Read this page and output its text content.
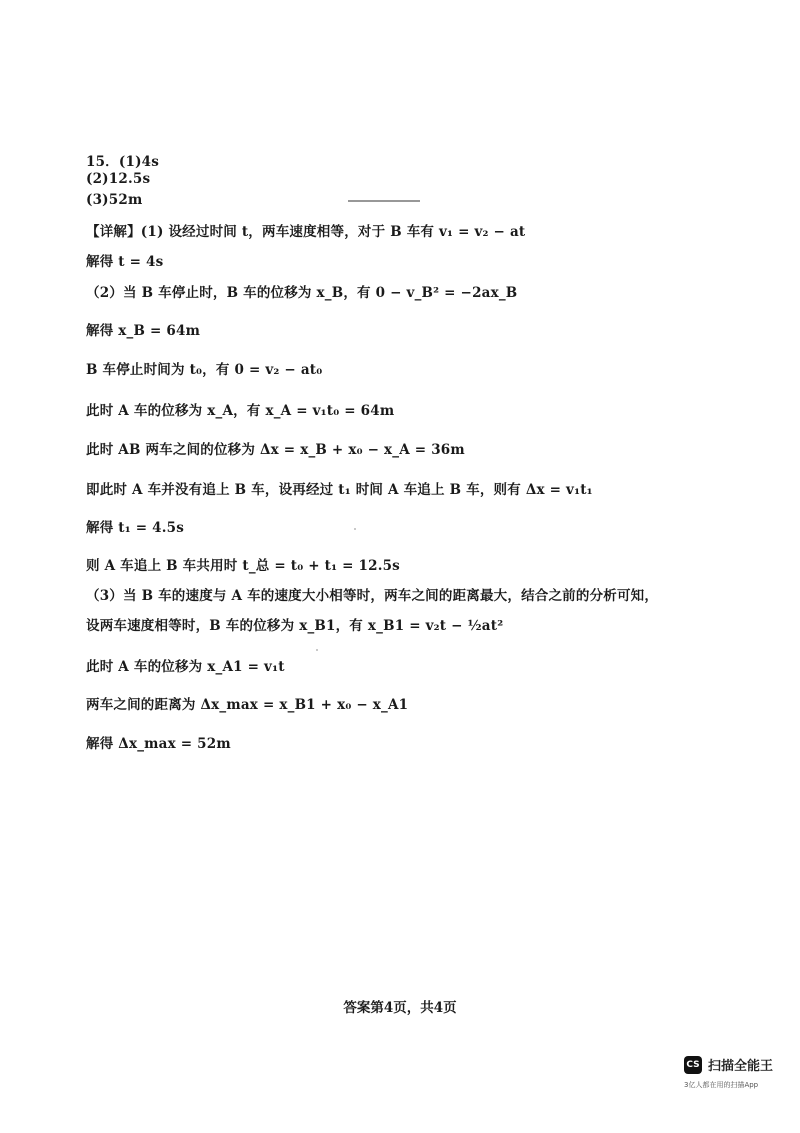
15．(1)4s
(2)12.5s
(3)52m
【详解】(1) 设经过时间 t，两车速度相等，对于 B 车有 v₁ = v₂ − at
解得 t = 4s
（2）当 B 车停止时，B 车的位移为 x_B，有 0 − v_B² = −2ax_B
解得 x_B = 64m
B 车停止时间为 t₀，有 0 = v₂ − at₀
此时 A 车的位移为 x_A，有 x_A = v₁t₀ = 64m
此时 AB 两车之间的位移为 Δx = x_B + x₀ − x_A = 36m
即此时 A 车并没有追上 B 车，设再经过 t₁ 时间 A 车追上 B 车，则有 Δx = v₁t₁
解得 t₁ = 4.5s
则 A 车追上 B 车共用时 t_总 = t₀ + t₁ = 12.5s
（3）当 B 车的速度与 A 车的速度大小相等时，两车之间的距离最大，结合之前的分析可知，
设两车速度相等时，B 车的位移为 x_B1，有 x_B1 = v₂t − ½at²
此时 A 车的位移为 x_A1 = v₁t
两车之间的距离为 Δx_max = x_B1 + x₀ − x_A1
解得 Δx_max = 52m
答案第4页，共4页
CS 扫描全能王
3亿人都在用的扫描App
